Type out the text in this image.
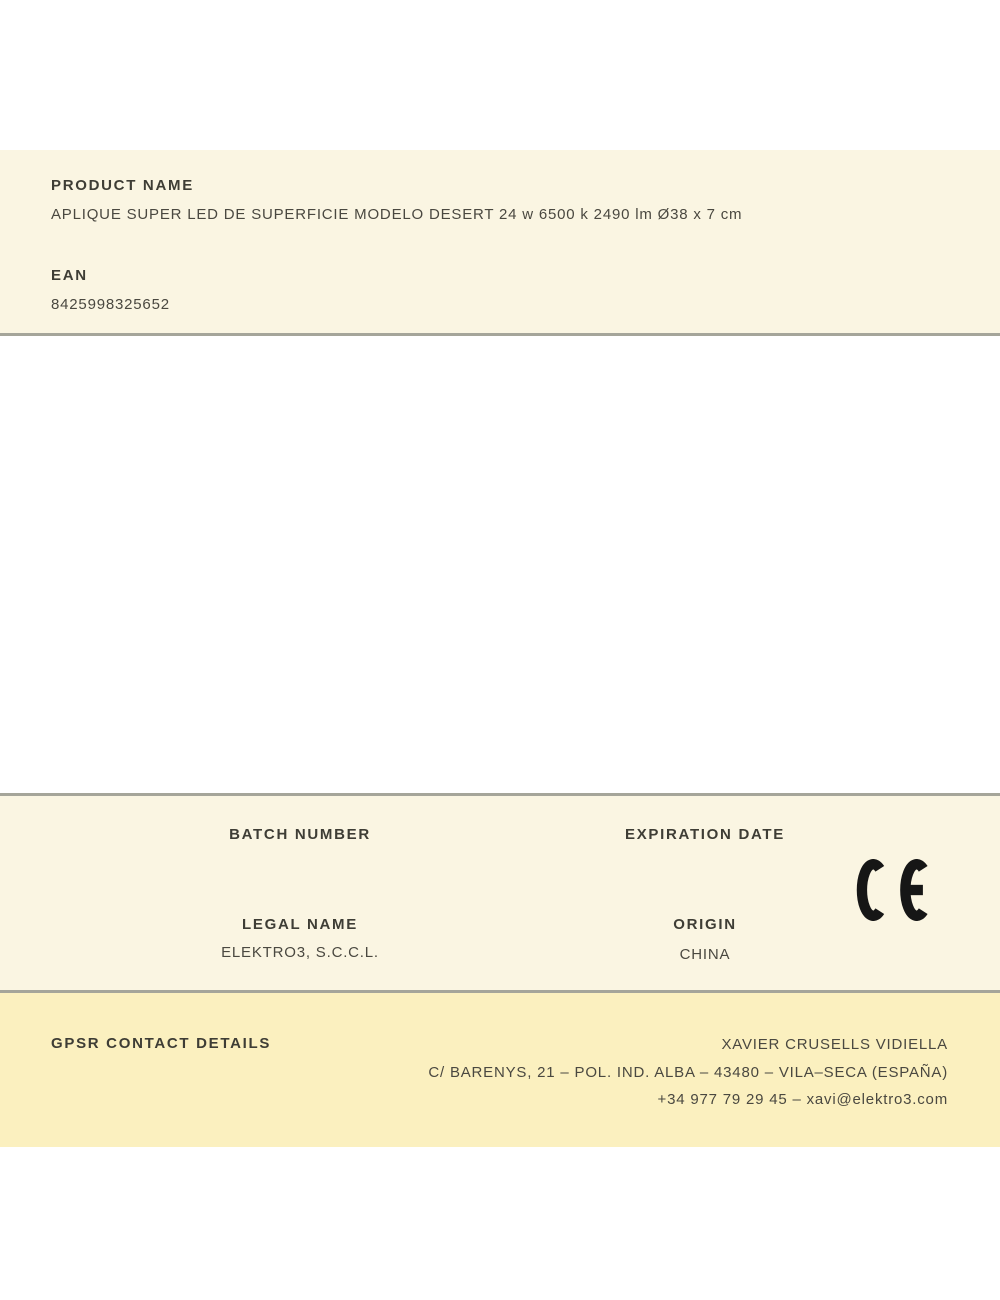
PRODUCT NAME
APLIQUE SUPER LED DE SUPERFICIE MODELO DESERT 24 w 6500 k 2490 lm Ø38 x 7 cm
EAN
8425998325652
BATCH NUMBER	EXPIRATION DATE
LEGAL NAME
ELEKTRO3, S.C.C.L.
ORIGIN
CHINA
GPSR CONTACT DETAILS	XAVIER CRUSELLS VIDIELLA
C/ BARENYS, 21 – POL. IND. ALBA – 43480 – VILA–SECA (ESPAÑA)
+34 977 79 29 45 – xavi@elektro3.com
